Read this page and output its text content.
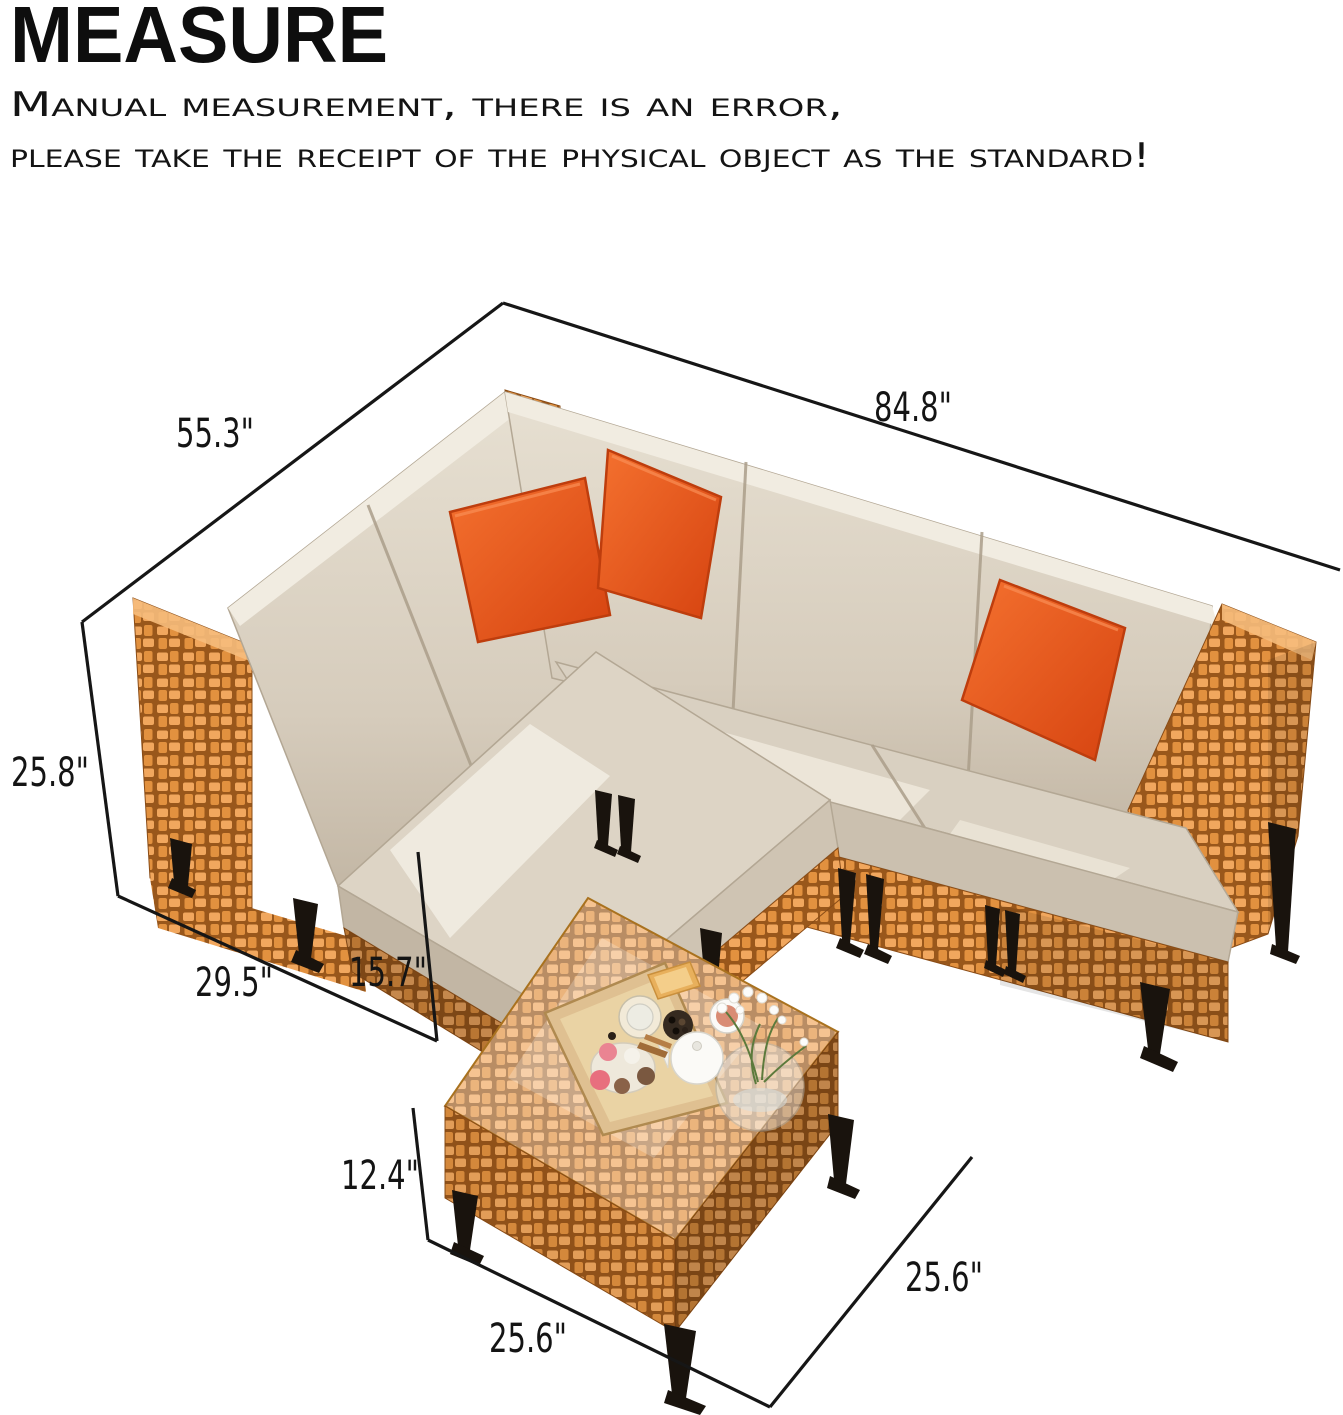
55.3"
84.8"
25.8"
29.5" 15.7"
12.4"
25.6"
25.6"
MEASURE
Manual measurement, there is an error,
please take the receipt of the physical object as the standard!
